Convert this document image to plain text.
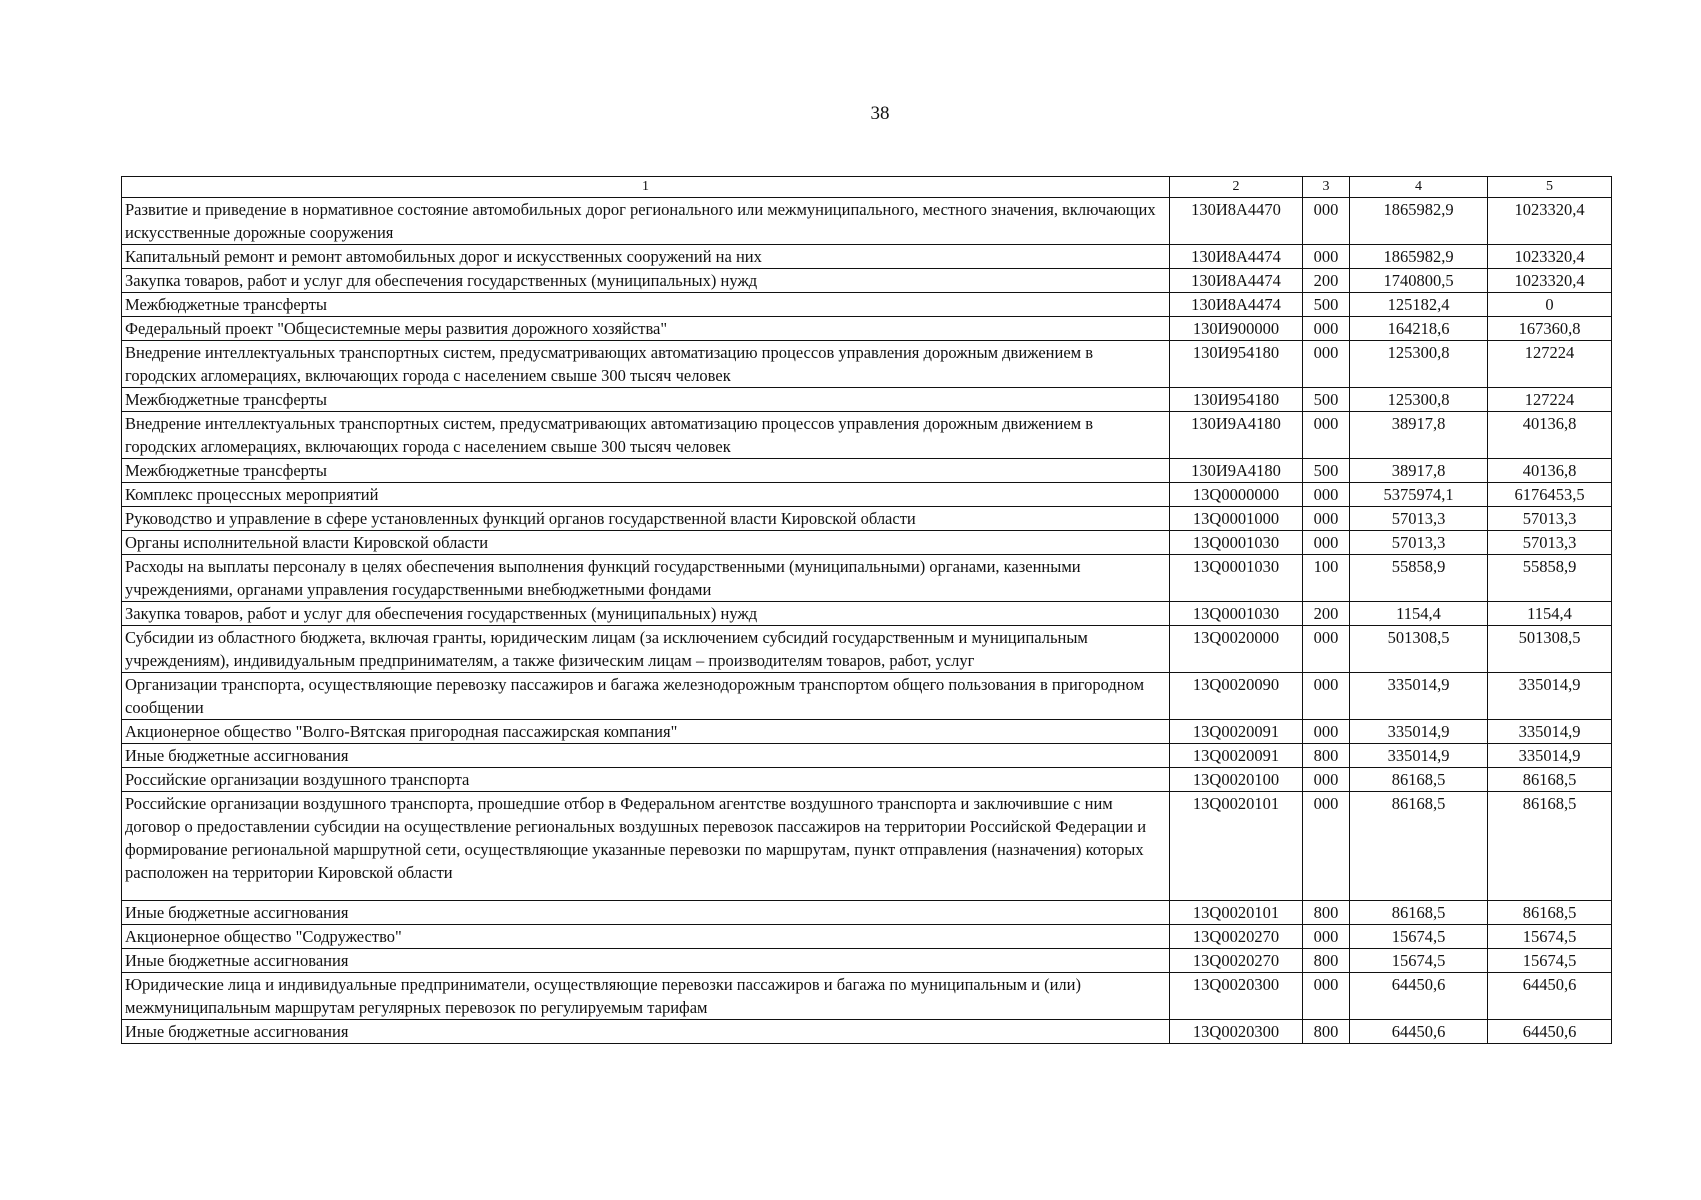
38
1	2	3	4	5
Развитие и приведение в нормативное состояние автомобильных дорог регионального или межмуниципального, местного значения, включающих искусственные дорожные сооружения	130И8А4470	000	1865982,9	1023320,4
Капитальный ремонт и ремонт автомобильных дорог и искусственных сооружений на них	130И8А4474	000	1865982,9	1023320,4
Закупка товаров, работ и услуг для обеспечения государственных (муниципальных) нужд	130И8А4474	200	1740800,5	1023320,4
Межбюджетные трансферты	130И8А4474	500	125182,4	0
Федеральный проект "Общесистемные меры развития дорожного хозяйства"	130И900000	000	164218,6	167360,8
Внедрение интеллектуальных транспортных систем, предусматривающих автоматизацию процессов управления дорожным движением в городских агломерациях, включающих города с населением свыше 300 тысяч человек	130И954180	000	125300,8	127224
Межбюджетные трансферты	130И954180	500	125300,8	127224
Внедрение интеллектуальных транспортных систем, предусматривающих автоматизацию процессов управления дорожным движением в городских агломерациях, включающих города с населением свыше 300 тысяч человек	130И9А4180	000	38917,8	40136,8
Межбюджетные трансферты	130И9А4180	500	38917,8	40136,8
Комплекс процессных мероприятий	13Q0000000	000	5375974,1	6176453,5
Руководство и управление в сфере установленных функций органов государственной власти Кировской области	13Q0001000	000	57013,3	57013,3
Органы исполнительной власти Кировской области	13Q0001030	000	57013,3	57013,3
Расходы на выплаты персоналу в целях обеспечения выполнения функций государственными (муниципальными) органами, казенными учреждениями, органами управления государственными внебюджетными фондами	13Q0001030	100	55858,9	55858,9
Закупка товаров, работ и услуг для обеспечения государственных (муниципальных) нужд	13Q0001030	200	1154,4	1154,4
Субсидии из областного бюджета, включая гранты, юридическим лицам (за исключением субсидий государственным и муниципальным учреждениям), индивидуальным предпринимателям, а также физическим лицам – производителям товаров, работ, услуг	13Q0020000	000	501308,5	501308,5
Организации транспорта, осуществляющие перевозку пассажиров и багажа железнодорожным транспортом общего пользования в пригородном сообщении	13Q0020090	000	335014,9	335014,9
Акционерное общество "Волго-Вятская пригородная пассажирская компания"	13Q0020091	000	335014,9	335014,9
Иные бюджетные ассигнования	13Q0020091	800	335014,9	335014,9
Российские организации воздушного транспорта	13Q0020100	000	86168,5	86168,5
Российские организации воздушного транспорта, прошедшие отбор в Федеральном агентстве воздушного транспорта и заключившие с ним договор о предоставлении субсидии на осуществление региональных воздушных перевозок пассажиров на территории Российской Федерации и формирование региональной маршрутной сети, осуществляющие указанные перевозки по маршрутам, пункт отправления (назначения) которых расположен на территории Кировской области	13Q0020101	000	86168,5	86168,5
Иные бюджетные ассигнования	13Q0020101	800	86168,5	86168,5
Акционерное общество "Содружество"	13Q0020270	000	15674,5	15674,5
Иные бюджетные ассигнования	13Q0020270	800	15674,5	15674,5
Юридические лица и индивидуальные предприниматели, осуществляющие перевозки пассажиров и багажа по муниципальным и (или) межмуниципальным маршрутам регулярных перевозок по регулируемым тарифам	13Q0020300	000	64450,6	64450,6
Иные бюджетные ассигнования	13Q0020300	800	64450,6	64450,6
